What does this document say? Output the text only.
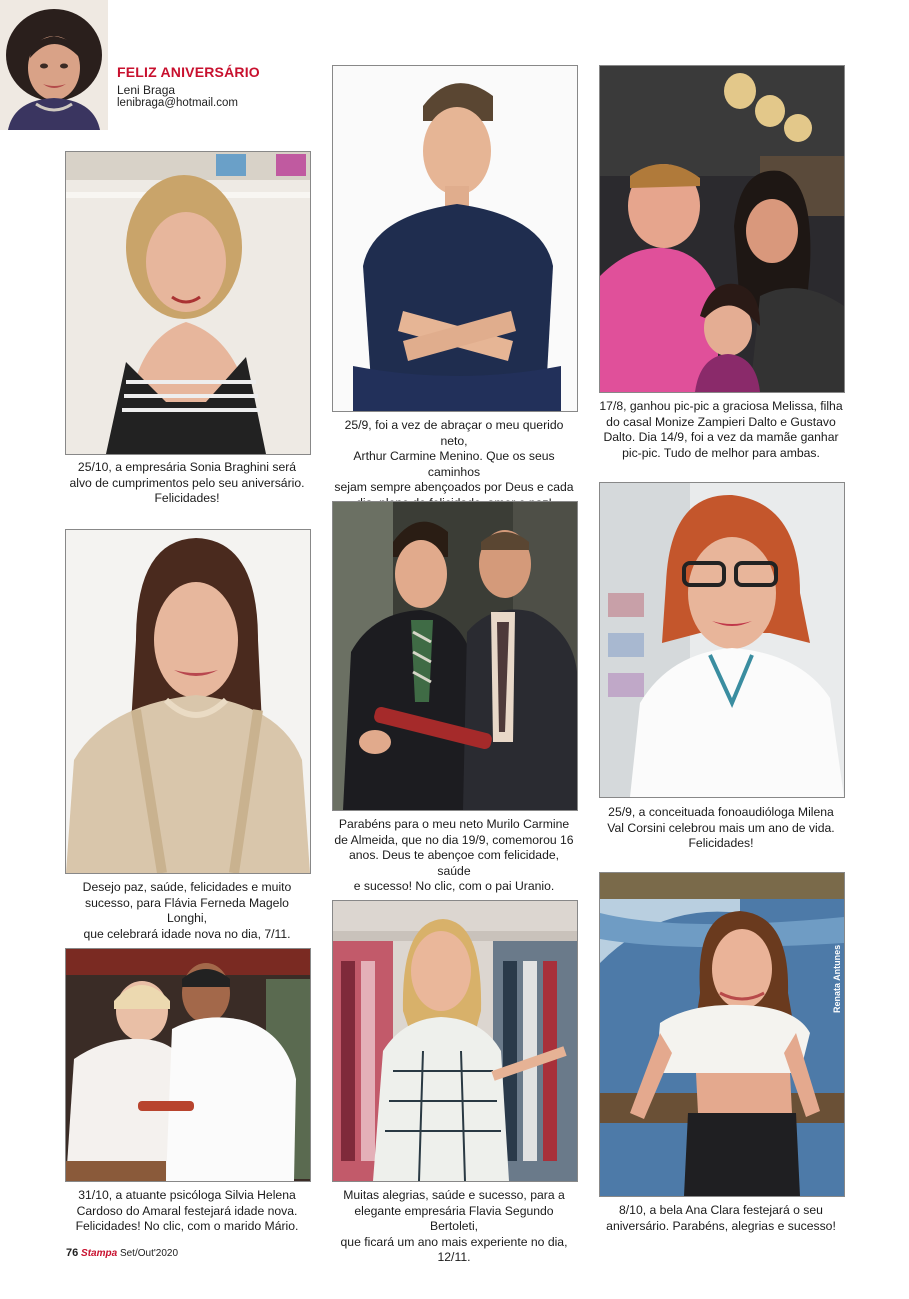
FELIZ ANIVERSÁRIO
Leni Braga
lenibraga@hotmail.com
25/10, a empresária Sonia Braghini será
alvo de cumprimentos pelo seu aniversário.
Felicidades!
25/9, foi a vez de abraçar o meu querido neto,
Arthur Carmine Menino. Que os seus caminhos
sejam sempre abençoados por Deus e cada
17/8, ganhou pic-pic a graciosa Melissa, filha
do casal Monize Zampieri Dalto e Gustavo
Dalto. Dia 14/9, foi a vez da mamãe ganhar
pic-pic. Tudo de melhor para ambas.
Desejo paz, saúde, felicidades e muito
sucesso, para Flávia Ferneda Magelo Longhi,
que celebrará idade nova no dia, 7/11.
Parabéns para o meu neto Murilo Carmine
de Almeida, que no dia 19/9, comemorou 16
anos. Deus te abençoe com felicidade, saúde
e sucesso! No clic, com o pai Uranio.
25/9, a conceituada fonoaudióloga Milena
Val Corsini celebrou mais um ano de vida.
Felicidades!
31/10, a atuante psicóloga Silvia Helena
Cardoso do Amaral festejará idade nova.
Felicidades! No clic, com o marido Mário.
Muitas alegrias, saúde e sucesso, para a
elegante empresária Flavia Segundo Bertoleti,
que ficará um ano mais experiente no dia, 12/11.
Renata Antunes
8/10, a bela Ana Clara festejará o seu
aniversário. Parabéns, alegrias e sucesso!
76 Stampa Set/Out'2020
